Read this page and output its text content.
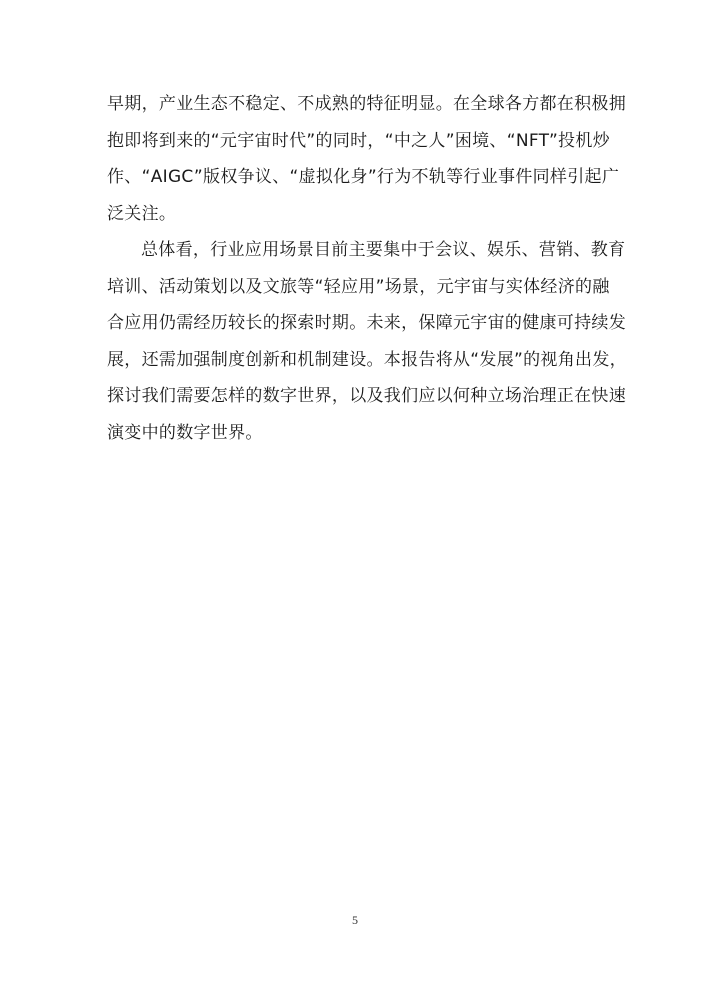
早期，产业生态不稳定、不成熟的特征明显。在全球各方都在积极拥
抱即将到来的“元宇宙时代”的同时，“中之人”困境、“NFT”投机炒
作、“AIGC”版权争议、“虚拟化身”行为不轨等行业事件同样引起广
泛关注。
总体看，行业应用场景目前主要集中于会议、娱乐、营销、教育
培训、活动策划以及文旅等“轻应用”场景，元宇宙与实体经济的融
合应用仍需经历较长的探索时期。未来，保障元宇宙的健康可持续发
展，还需加强制度创新和机制建设。本报告将从“发展”的视角出发，
探讨我们需要怎样的数字世界，以及我们应以何种立场治理正在快速
演变中的数字世界。
5
